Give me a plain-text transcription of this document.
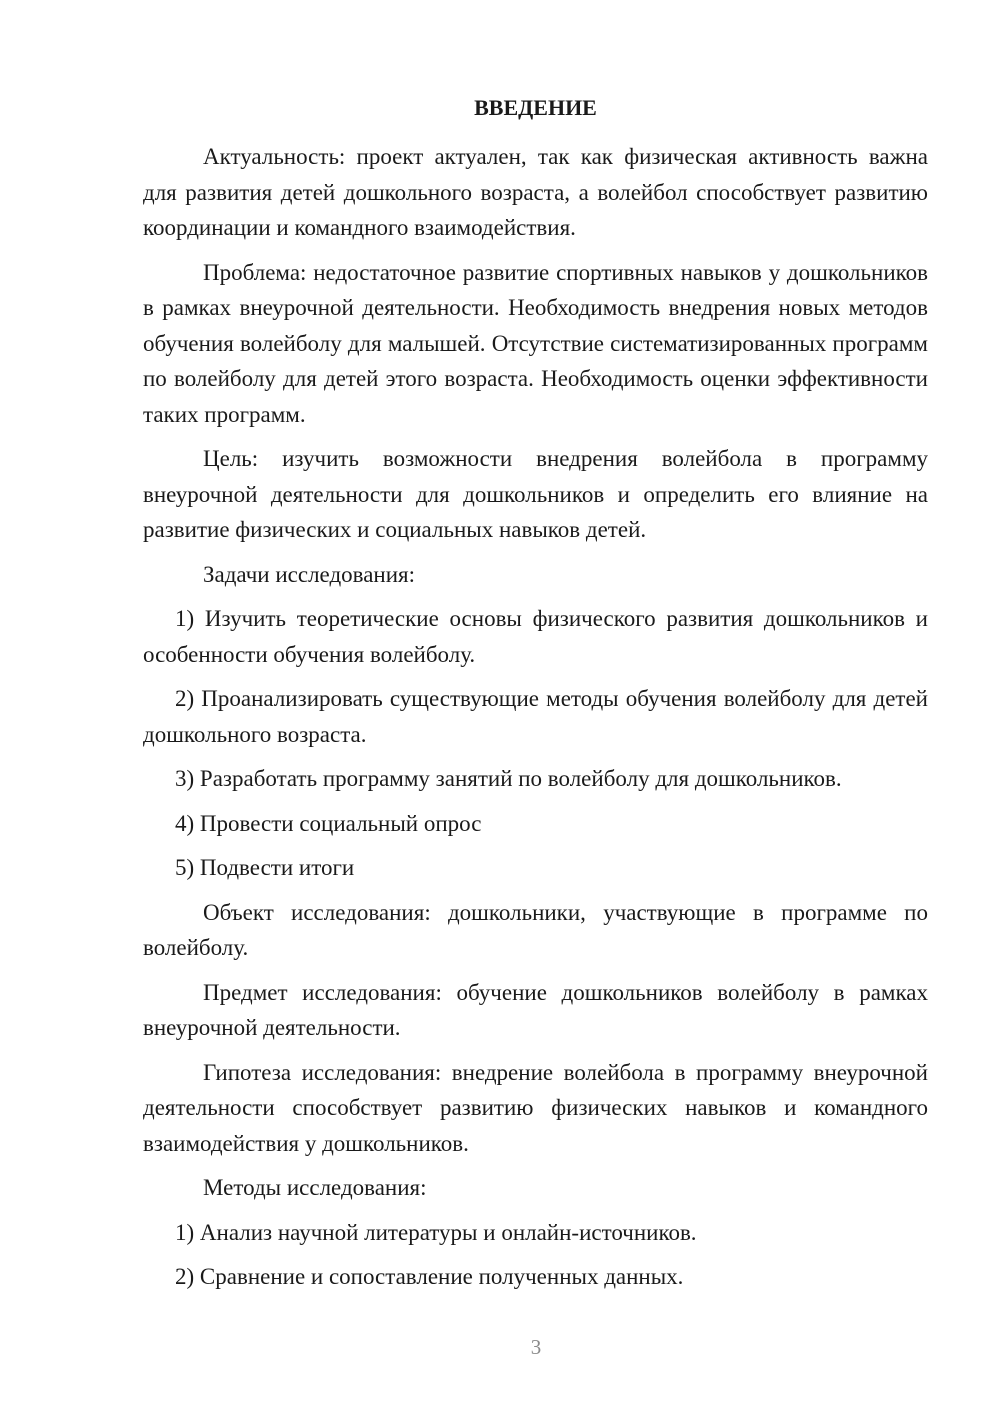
ВВЕДЕНИЕ

Актуальность: проект актуален, так как физическая активность важна для развития детей дошкольного возраста, а волейбол способствует развитию координации и командного взаимодействия.

Проблема: недостаточное развитие спортивных навыков у дошкольников в рамках внеурочной деятельности. Необходимость внедрения новых методов обучения волейболу для малышей. Отсутствие систематизированных программ по волейболу для детей этого возраста. Необходимость оценки эффективности таких программ.

Цель: изучить возможности внедрения волейбола в программу внеурочной деятельности для дошкольников и определить его влияние на развитие физических и социальных навыков детей.

Задачи исследования:

1) Изучить теоретические основы физического развития дошкольников и особенности обучения волейболу.

2) Проанализировать существующие методы обучения волейболу для детей дошкольного возраста.

3) Разработать программу занятий по волейболу для дошкольников.

4) Провести социальный опрос

5) Подвести итоги

Объект исследования: дошкольники, участвующие в программе по волейболу.

Предмет исследования: обучение дошкольников волейболу в рамках внеурочной деятельности.

Гипотеза исследования: внедрение волейбола в программу внеурочной деятельности способствует развитию физических навыков и командного взаимодействия у дошкольников.

Методы исследования:

1) Анализ научной литературы и онлайн-источников.

2) Сравнение и сопоставление полученных данных.

3
